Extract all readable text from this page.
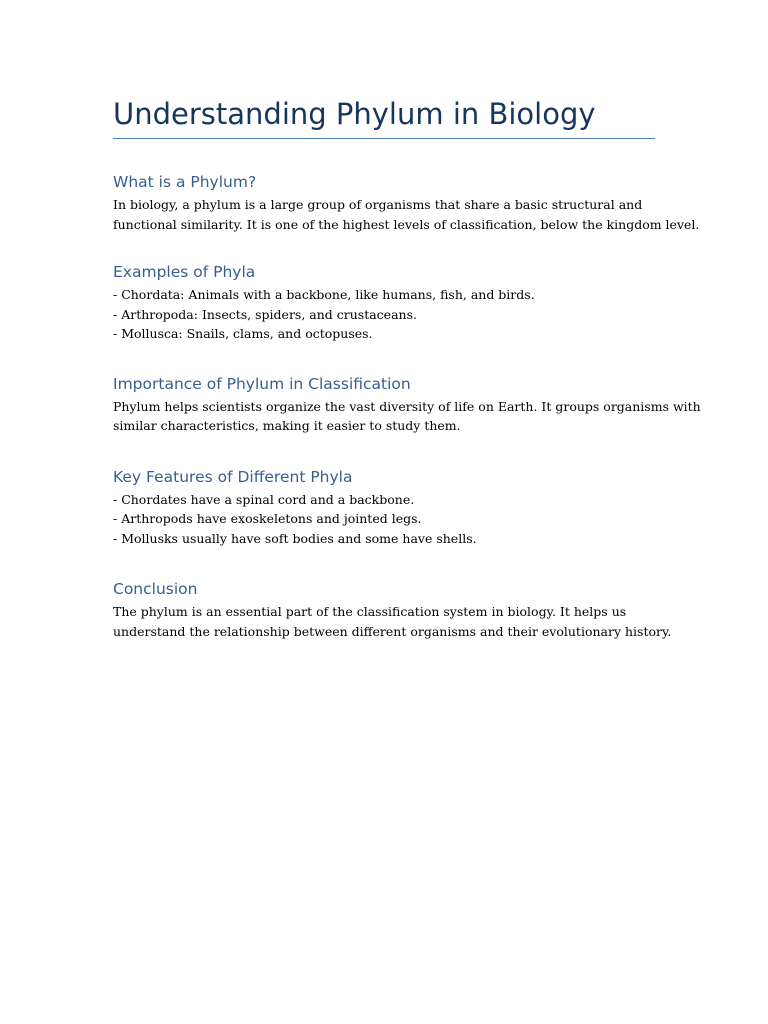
Understanding Phylum in Biology
What is a Phylum?

In biology, a phylum is a large group of organisms that share a basic structural and

functional similarity. It is one of the highest levels of classification, below the kingdom level.

Examples of Phyla

- Chordata: Animals with a backbone, like humans, fish, and birds.

- Arthropoda: Insects, spiders, and crustaceans.

- Mollusca: Snails, clams, and octopuses.

Importance of Phylum in Classification

Phylum helps scientists organize the vast diversity of life on Earth. It groups organisms with

similar characteristics, making it easier to study them.

Key Features of Different Phyla

- Chordates have a spinal cord and a backbone.

- Arthropods have exoskeletons and jointed legs.

- Mollusks usually have soft bodies and some have shells.

Conclusion

The phylum is an essential part of the classification system in biology. It helps us

understand the relationship between different organisms and their evolutionary history.
